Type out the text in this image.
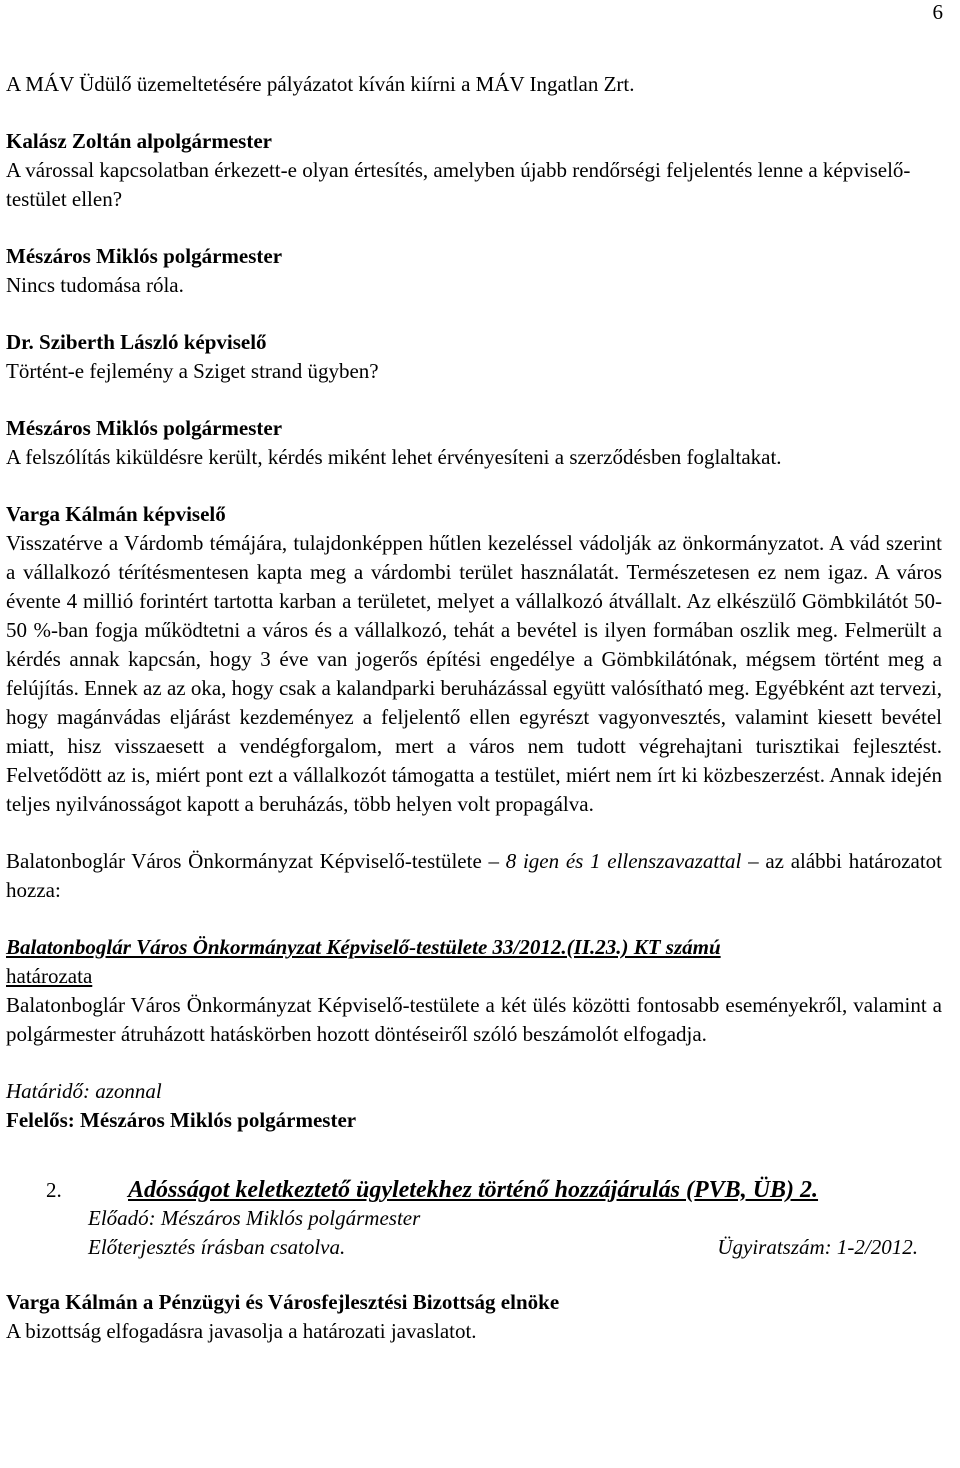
6

A MÁV Üdülő üzemeltetésére pályázatot kíván kiírni a MÁV Ingatlan Zrt.

Kalász Zoltán alpolgármester

A várossal kapcsolatban érkezett-e olyan értesítés, amelyben újabb rendőrségi feljelentés lenne a képviselő-testület ellen?

Mészáros Miklós polgármester

Nincs tudomása róla.

Dr. Sziberth László képviselő

Történt-e fejlemény a Sziget strand ügyben?

Mészáros Miklós polgármester

A felszólítás kiküldésre került, kérdés miként lehet érvényesíteni a szerződésben foglaltakat.

Varga Kálmán képviselő

Visszatérve a Várdomb témájára, tulajdonképpen hűtlen kezeléssel vádolják az önkormányzatot. A vád szerint a vállalkozó térítésmentesen kapta meg a várdombi terület használatát. Természetesen ez nem igaz. A város évente 4 millió forintért tartotta karban a területet, melyet a vállalkozó átvállalt. Az elkészülő Gömbkilátót 50-50 %-ban fogja működtetni a város és a vállalkozó, tehát a bevétel is ilyen formában oszlik meg. Felmerült a kérdés annak kapcsán, hogy 3 éve van jogerős építési engedélye a Gömbkilátónak, mégsem történt meg a felújítás. Ennek az az oka, hogy csak a kalandparki beruházással együtt valósítható meg. Egyébként azt tervezi, hogy magánvádas eljárást kezdeményez a feljelentő ellen egyrészt vagyonvesztés, valamint kiesett bevétel miatt, hisz visszaesett a vendégforgalom, mert a város nem tudott végrehajtani turisztikai fejlesztést. Felvetődött az is, miért pont ezt a vállalkozót támogatta a testület, miért nem írt ki közbeszerzést. Annak idején teljes nyilvánosságot kapott a beruházás, több helyen volt propagálva.

Balatonboglár Város Önkormányzat Képviselő-testülete – 8 igen és 1 ellenszavazattal – az alábbi határozatot hozza:

Balatonboglár Város Önkormányzat Képviselő-testülete 33/2012.(II.23.) KT számú
határozata

Balatonboglár Város Önkormányzat Képviselő-testülete a két ülés közötti fontosabb eseményekről, valamint a polgármester átruházott hatáskörben hozott döntéseiről szóló beszámolót elfogadja.

Határidő: azonnal

Felelős: Mészáros Miklós polgármester

2.	Adósságot keletkeztető ügyletekhez történő hozzájárulás (PVB, ÜB) 2.

Előadó: Mészáros Miklós polgármester

Előterjesztés írásban csatolva.	Ügyiratszám: 1-2/2012.

Varga Kálmán a Pénzügyi és Városfejlesztési Bizottság elnöke

A bizottság elfogadásra javasolja a határozati javaslatot.
